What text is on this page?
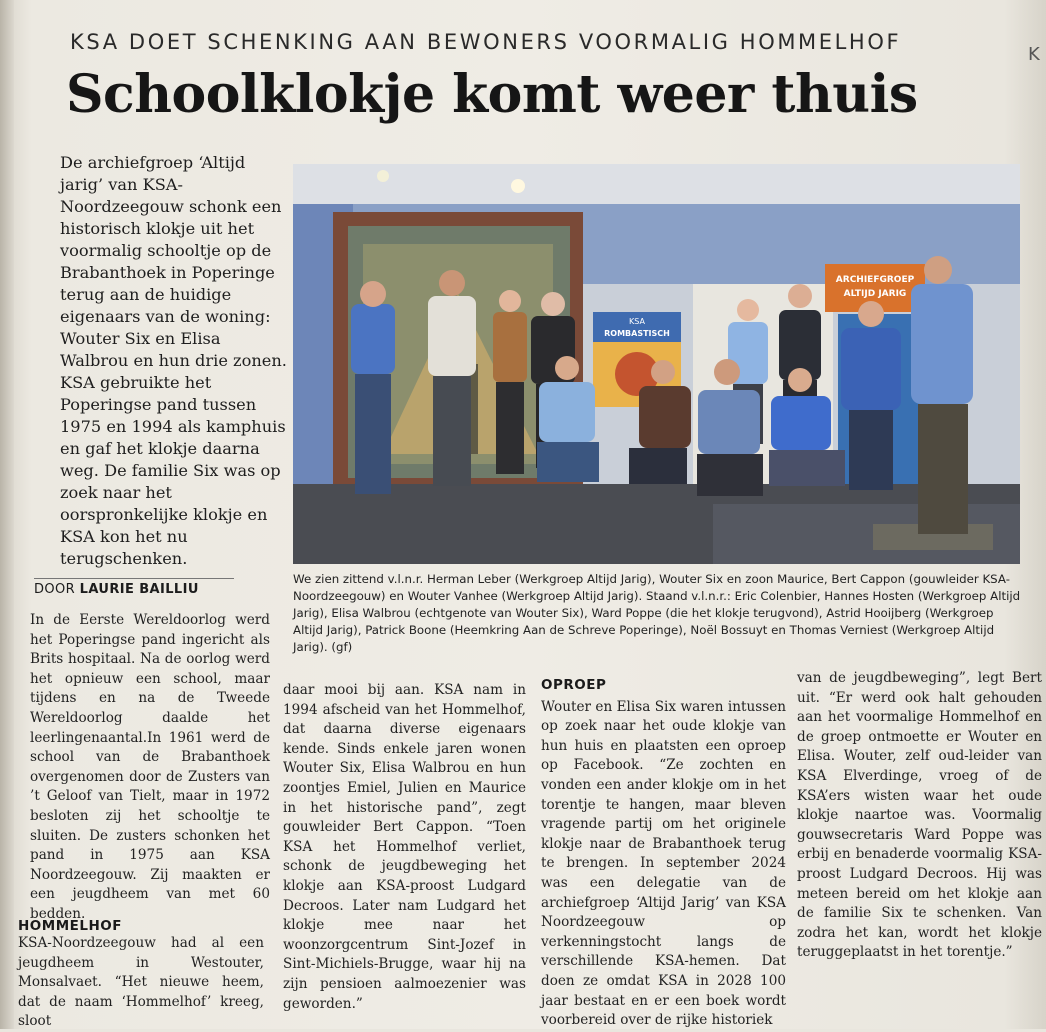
KSA DOET SCHENKING AAN BEWONERS VOORMALIG HOMMELHOF
K
Schoolklokje komt weer thuis

De archiefgroep ‘Altijd jarig’ van KSA-Noordzeegouw schonk een historisch klokje uit het voormalig schooltje op de Brabanthoek in Poperinge terug aan de huidige eigenaars van de woning: Wouter Six en Elisa Walbrou en hun drie zonen. KSA gebruikte het Poperingse pand tussen 1975 en 1994 als kamphuis en gaf het klokje daarna weg. De familie Six was op zoek naar het oorspronkelijke klokje en KSA kon het nu terugschenken.

DOOR LAURIE BAILLIU
KSA
ROMBASTISCH
ARCHIEFGROEP
ALTIJD JARIG
We zien zittend v.l.n.r. Herman Leber (Werkgroep Altijd Jarig), Wouter Six en zoon Maurice, Bert Cappon (gouwleider KSA-Noordzeegouw) en Wouter Vanhee (Werkgroep Altijd Jarig). Staand v.l.n.r.: Eric Colenbier, Hannes Hosten (Werkgroep Altijd Jarig), Elisa Walbrou (echtgenote van Wouter Six), Ward Poppe (die het klokje terugvond), Astrid Hooijberg (Werkgroep Altijd Jarig), Patrick Boone (Heemkring Aan de Schreve Poperinge), Noël Bossuyt en Thomas Verniest (Werkgroep Altijd Jarig). (gf)

In de Eerste Wereldoorlog werd het Poperingse pand ingericht als Brits hospitaal. Na de oorlog werd het opnieuw een school, maar tijdens en na de Tweede Wereldoorlog daalde het leerlingenaantal.In 1961 werd de school van de Brabanthoek overgenomen door de Zusters van ’t Geloof van Tielt, maar in 1972 besloten zij het schooltje te sluiten. De zusters schonken het pand in 1975 aan KSA Noordzeegouw. Zij maakten er een jeugdheem van met 60 bedden.

HOMMELHOF

KSA-Noordzeegouw had al een jeugdheem in Westouter, Monsalvaet. “Het nieuwe heem, dat de naam ‘Hommelhof’ kreeg, sloot

daar mooi bij aan. KSA nam in 1994 afscheid van het Hommelhof, dat daarna diverse eigenaars kende. Sinds enkele jaren wonen Wouter Six, Elisa Walbrou en hun zoontjes Emiel, Julien en Maurice in het historische pand”, zegt gouwleider Bert Cappon. “Toen KSA het Hommelhof verliet, schonk de jeugdbeweging het klokje aan KSA-proost Ludgard Decroos. Later nam Ludgard het klokje mee naar het woonzorgcentrum Sint-Jozef in Sint-Michiels-Brugge, waar hij na zijn pensioen aalmoezenier was geworden.”

OPROEP

Wouter en Elisa Six waren intussen op zoek naar het oude klokje van hun huis en plaatsten een oproep op Facebook. “Ze zochten en vonden een ander klokje om in het torentje te hangen, maar bleven vragende partij om het originele klokje naar de Brabanthoek terug te brengen. In september 2024 was een delegatie van de archiefgroep ‘Altijd Jarig’ van KSA Noordzeegouw op verkenningstocht langs de verschillende KSA-hemen. Dat doen ze omdat KSA in 2028 100 jaar bestaat en er een boek wordt voorbereid over de rijke historiek

van de jeugdbeweging”, legt Bert uit. “Er werd ook halt gehouden aan het voormalige Hommelhof en de groep ontmoette er Wouter en Elisa. Wouter, zelf oud-leider van KSA Elverdinge, vroeg of de KSA’ers wisten waar het oude klokje naartoe was. Voormalig gouwsecretaris Ward Poppe was erbij en benaderde voormalig KSA-proost Ludgard Decroos. Hij was meteen bereid om het klokje aan de familie Six te schenken. Van zodra het kan, wordt het klokje teruggeplaatst in het torentje.”
